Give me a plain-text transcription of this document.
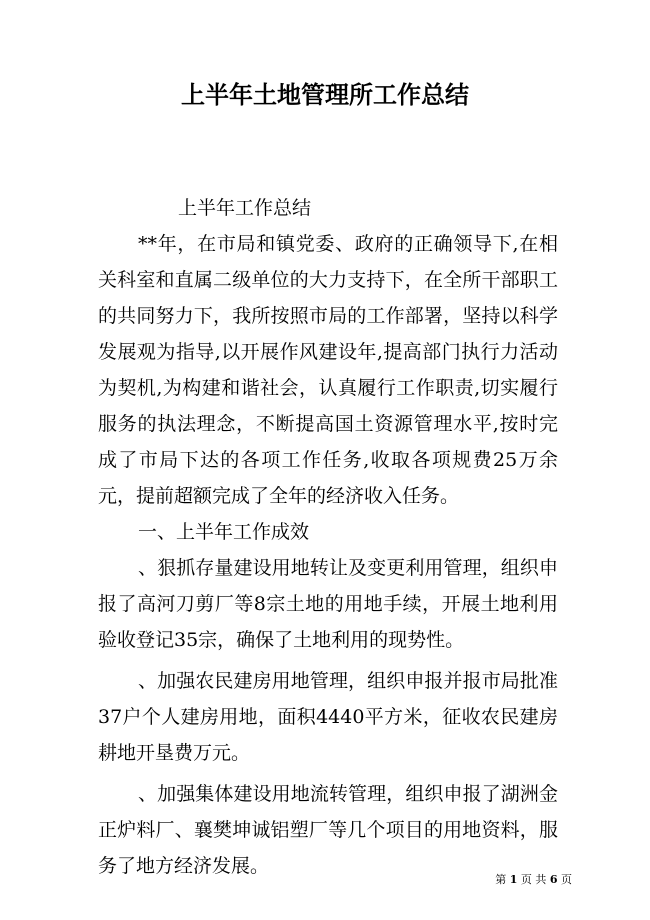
上半年土地管理所工作总结

上半年工作总结

**年，在市局和镇党委、政府的正确领导下,在相关科室和直属二级单位的大力支持下，在全所干部职工的共同努力下，我所按照市局的工作部署，坚持以科学发展观为指导,以开展作风建设年,提高部门执行力活动为契机,为构建和谐社会，认真履行工作职责,切实履行服务的执法理念，不断提高国土资源管理水平,按时完成了市局下达的各项工作任务,收取各项规费25万余元，提前超额完成了全年的经济收入任务。

一、上半年工作成效

、狠抓存量建设用地转让及变更利用管理，组织申报了高河刀剪厂等8宗土地的用地手续，开展土地利用验收登记35宗，确保了土地利用的现势性。

、加强农民建房用地管理，组织申报并报市局批准37户个人建房用地，面积4440平方米，征收农民建房耕地开垦费万元。

、加强集体建设用地流转管理，组织申报了湖洲金正炉料厂、襄樊坤诚铝塑厂等几个项目的用地资料，服务了地方经济发展。

第 1 页 共 6 页
